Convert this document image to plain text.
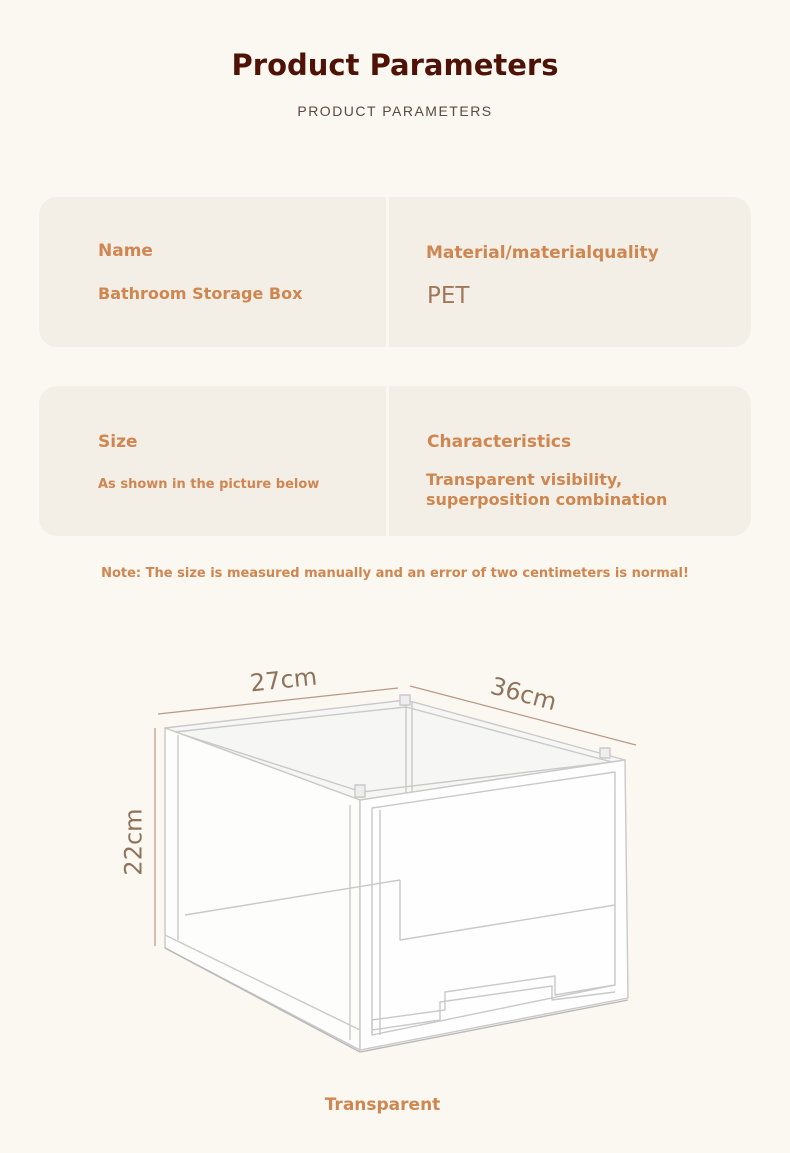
Product Parameters
PRODUCT PARAMETERS
Name
Bathroom Storage Box
Material/materialquality
PET
Size
As shown in the picture below
Characteristics
Transparent visibility,
superposition combination
Note: The size is measured manually and an error of two centimeters is normal!
27cm	36cm
22cm
Transparent
